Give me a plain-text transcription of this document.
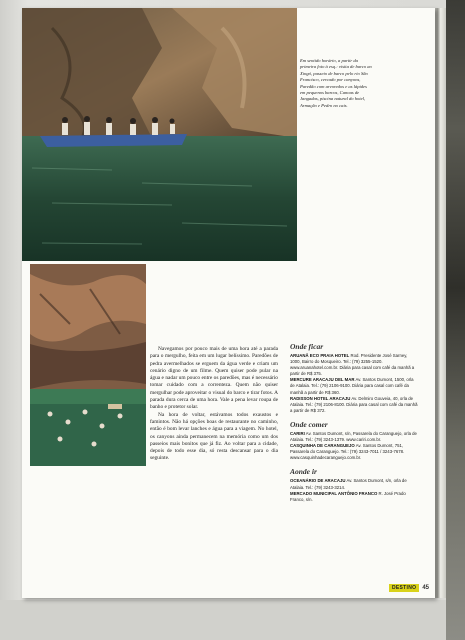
Em sentido horário, a partir da primeira foto à esq.: visita de barco ao Xingó, passeio de barco pelo rio São Francisco, cercado por canyons, Paredão com arvoredos e as lápides em pequenos barcos, Canoas de Jangadas, piscina natural do hotel, Armação e Pedro no cais.

Navegamos por pouco mais de uma hora até a parada para o mergulho, feita em um lugar belíssimo. Paredões de pedra avermelhados se erguem da água verde e criam um cenário digno de um filme. Quem quiser pode pular na água e nadar um pouco entre os paredões, mas é necessário tomar cuidado com a correnteza. Quem não quiser mergulhar pode aproveitar o visual do barco e tirar fotos. A parada dura cerca de uma hora. Vale a pena levar roupa de banho e protetor solar.

Na hora de voltar, estávamos todos exaustos e famintos. Não há opções boas de restaurante no caminho, então é bom levar lanches e água para a viagem. No hotel, os canyons ainda permanecem na memória como um dos passeios mais bonitos que já fiz. Ao voltar para a cidade, depois de todo esse dia, só resta descansar para o dia seguinte.

Onde ficar

ARUANÃ ECO PRAIA HOTEL Rod. Presidente José Sarney, 1000, Bairro do Mosqueiro. Tel.: (79) 3255-1520. www.aruanahotel.com.br. Diária para casal com café da manhã a partir de R$ 375.

MERCURE ARACAJU DEL MAR Av. Santos Dumont, 1500, orla de Atalaia. Tel.: (79) 2106-9100. Diária para casal com café da manhã a partir de R$ 360.

RADISSON HOTEL ARACAJU Av. Delmiro Gouveia, 40, orla de Atalaia. Tel.: (79) 2106-8100. Diária para casal com café da manhã a partir de R$ 372.

Onde comer

CARIRI Av. Santos Dumont, s/n, Passarela do Caranguejo, orla de Atalaia. Tel.: (79) 3243-1379. www.cariri.com.br.

CASQUINHA DE CARANGUEJO Av. Santos Dumont, 751, Passarela do Caranguejo. Tel.: (79) 3243-7011 / 3243-7678. www.casquinhadecaranguejo.com.br.

Aonde ir

OCEANÁRIO DE ARACAJU Av. Santos Dumont, s/n, orla de Atalaia. Tel.: (79) 3243-3214.

MERCADO MUNICIPAL ANTÔNIO FRANCO R. José Prado Franco, s/n.

DESTINO	45
